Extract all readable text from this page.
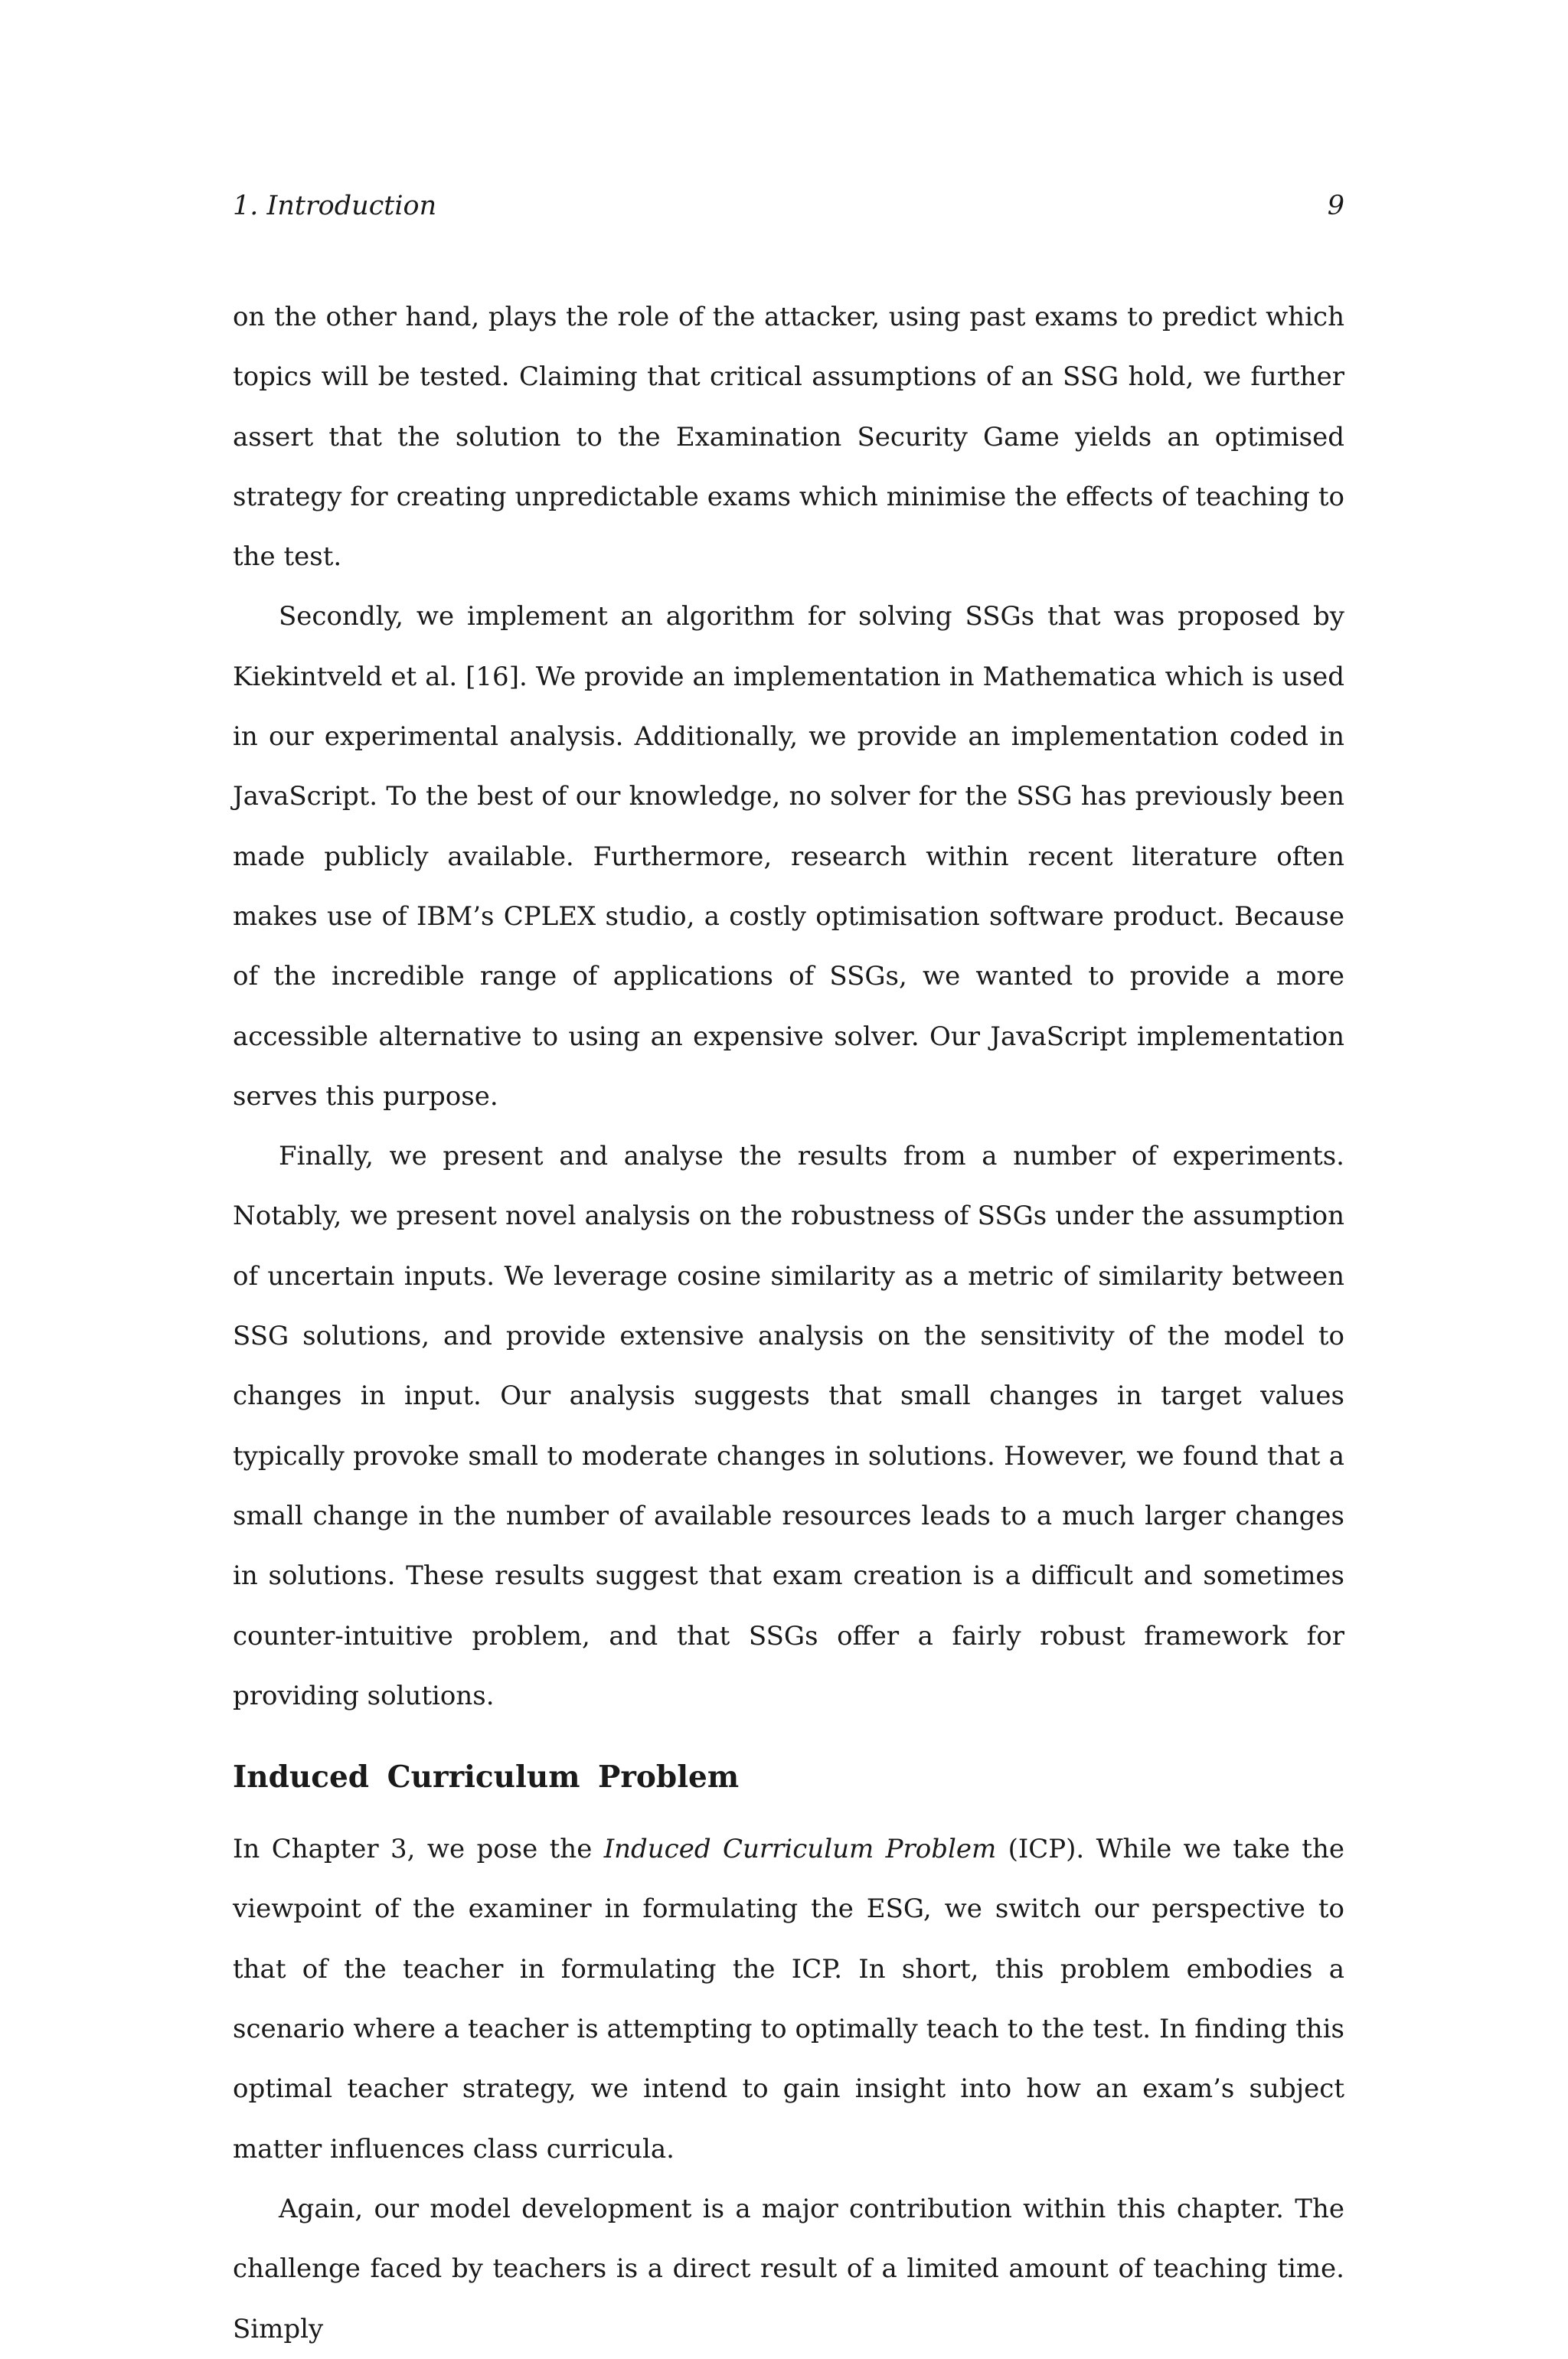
1. Introduction	9

on the other hand, plays the role of the attacker, using past exams to predict which topics will be tested. Claiming that critical assumptions of an SSG hold, we further assert that the solution to the Examination Security Game yields an optimised strategy for creating unpredictable exams which minimise the effects of teaching to the test.

Secondly, we implement an algorithm for solving SSGs that was proposed by Kiekintveld et al. [16]. We provide an implementation in Mathematica which is used in our experimental analysis. Additionally, we provide an implementation coded in JavaScript. To the best of our knowledge, no solver for the SSG has previously been made publicly available. Furthermore, research within recent literature often makes use of IBM’s CPLEX studio, a costly optimisation software product. Because of the incredible range of applications of SSGs, we wanted to provide a more accessible alternative to using an expensive solver. Our JavaScript implementation serves this purpose.

Finally, we present and analyse the results from a number of experiments. Notably, we present novel analysis on the robustness of SSGs under the assumption of uncertain inputs. We leverage cosine similarity as a metric of similarity between SSG solutions, and provide extensive analysis on the sensitivity of the model to changes in input. Our analysis suggests that small changes in target values typically provoke small to moderate changes in solutions. However, we found that a small change in the number of available resources leads to a much larger changes in solutions. These results suggest that exam creation is a difficult and sometimes counter-intuitive problem, and that SSGs offer a fairly robust framework for providing solutions.

Induced Curriculum Problem

In Chapter 3, we pose the Induced Curriculum Problem (ICP). While we take the viewpoint of the examiner in formulating the ESG, we switch our perspective to that of the teacher in formulating the ICP. In short, this problem embodies a scenario where a teacher is attempting to optimally teach to the test. In finding this optimal teacher strategy, we intend to gain insight into how an exam’s subject matter influences class curricula.

Again, our model development is a major contribution within this chapter. The challenge faced by teachers is a direct result of a limited amount of teaching time. Simply
